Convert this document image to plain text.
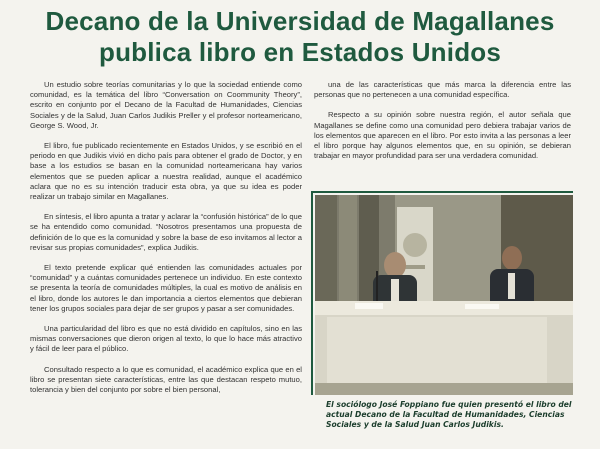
Decano de la Universidad de Magallanes
publica libro en Estados Unidos

Un estudio sobre teorías comunitarias y lo que la sociedad entiende como comunidad, es la temática del libro “Conversation on Coommunity Theory”, escrito en conjunto por el Decano de la Facultad de Humanidades, Ciencias Sociales y de la Salud, Juan Carlos Judikis Preller y el profesor norteamericano, George S. Wood, Jr.

El libro, fue publicado recientemente en Estados Unidos, y se escribió en el periodo en que Judikis vivió en dicho país para obtener el grado de Doctor, y en base a los estudios se basan en la comunidad norteamericana hay varios elementos que se pueden aplicar a nuestra realidad, aunque el académico aclara que no es su intención traducir esta obra, ya que su idea es poder realizar un trabajo similar en Magallanes.

En síntesis, el libro apunta a tratar y aclarar la “confusión histórica” de lo que se ha entendido como comunidad. “Nosotros presentamos una propuesta de definición de lo que es la comunidad y sobre la base de eso invitamos al lector a revisar sus propias comunidades”, explica Judikis.

El texto pretende explicar qué entienden las comunidades actuales por “comunidad” y a cuántas comunidades pertenece un individuo. En este contexto se presenta la teoría de comunidades múltiples, la cual es motivo de análisis en el libro, donde los autores le dan importancia a ciertos elementos que debieran tener los grupos sociales para dejar de ser grupos y pasar a ser comunidades.

Una particularidad del libro es que no está dividido en capítulos, sino en las mismas conversaciones que dieron origen al texto, lo que lo hace más atractivo y fácil de leer para el público.

Consultado respecto a lo que es comunidad, el académico explica que en el libro se presentan siete características, entre las que destacan respeto mutuo, tolerancia y bien del conjunto por sobre el bien personal,

una de las características que más marca la diferencia entre las personas que no pertenecen a una comunidad específica.

Respecto a su opinión sobre nuestra región, el autor señala que Magallanes se define como una comunidad pero debiera trabajar varios de los elementos que aparecen en el libro. Por esto invita a las personas a leer el libro porque hay algunos elementos que, en su opinión, se debieran trabajar en mayor profundidad para ser una verdadera comunidad.

El sociólogo José Foppiano fue quien presentó el libro del actual Decano de la Facultad de Humanidades, Ciencias Sociales y de la Salud Juan Carlos Judikis.
